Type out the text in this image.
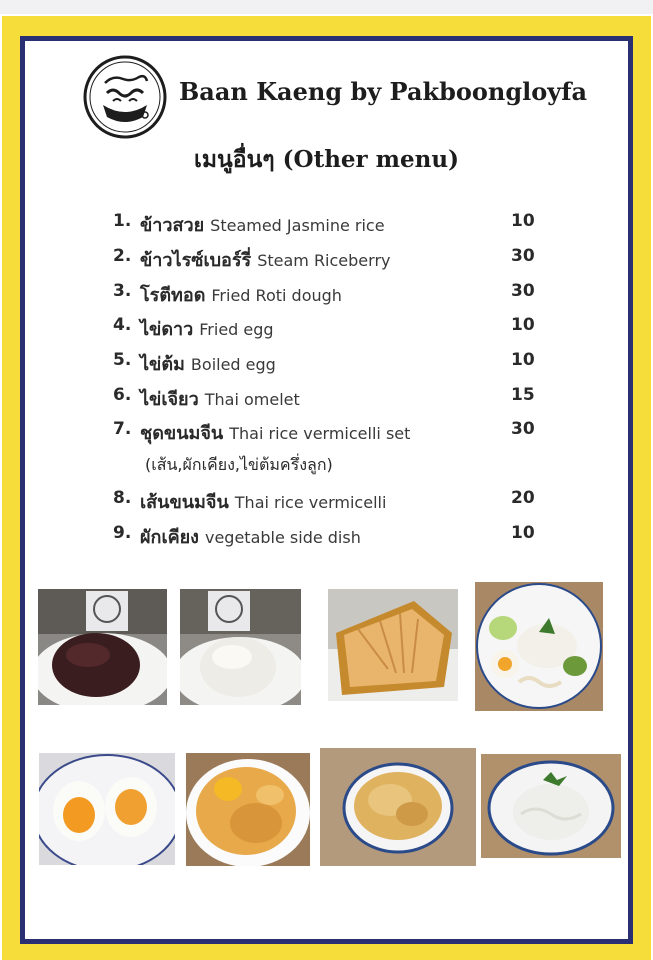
Baan Kaeng by Pakboongloyfa
เมนูอื่นๆ (Other menu)
1. ข้าวสวย Steamed Jasmine rice	10
2. ข้าวไรซ์เบอร์รี่ Steam Riceberry	30
3. โรตีทอด Fried Roti dough	30
4. ไข่ดาว Fried egg	10
5. ไข่ต้ม Boiled egg	10
6. ไข่เจียว Thai omelet	15
7. ชุดขนมจีน Thai rice vermicelli set	30
(เส้น,ผักเคียง,ไข่ต้มครึ่งลูก)
8. เส้นขนมจีน Thai rice vermicelli	20
9. ผักเคียง vegetable side dish	10
